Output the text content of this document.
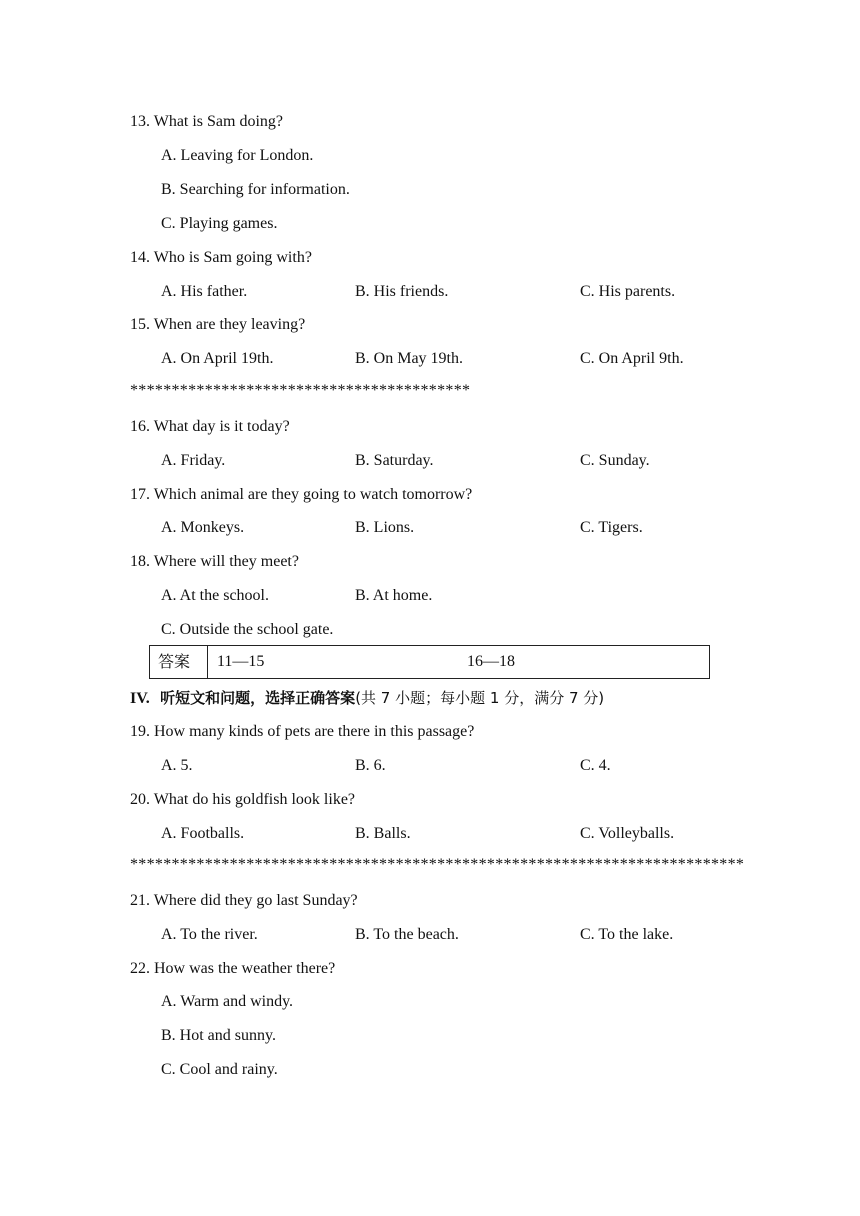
13. What is Sam doing?
A. Leaving for London.
B. Searching for information.
C. Playing games.
14. Who is Sam going with?
A. His father.	B. His friends.	C. His parents.
15. When are they leaving?
A. On April 19th.	B. On May 19th.	C. On April 9th.
*****************************************
16. What day is it today?
A. Friday.	B. Saturday.	C. Sunday.
17. Which animal are they going to watch tomorrow?
A. Monkeys.	B. Lions.	C. Tigers.
18. Where will they meet?
A. At the school.	B. At home.
C. Outside the school gate.
答案	11—15	16—18
IV. 听短文和问题，选择正确答案(共 7 小题；每小题 1 分，满分 7 分)
19. How many kinds of pets are there in this passage?
A. 5.	B. 6.	C. 4.
20. What do his goldfish look like?
A. Footballs.	B. Balls.	C. Volleyballs.
**************************************************************************
21. Where did they go last Sunday?
A. To the river.	B. To the beach.	C. To the lake.
22. How was the weather there?
A. Warm and windy.
B. Hot and sunny.
C. Cool and rainy.
